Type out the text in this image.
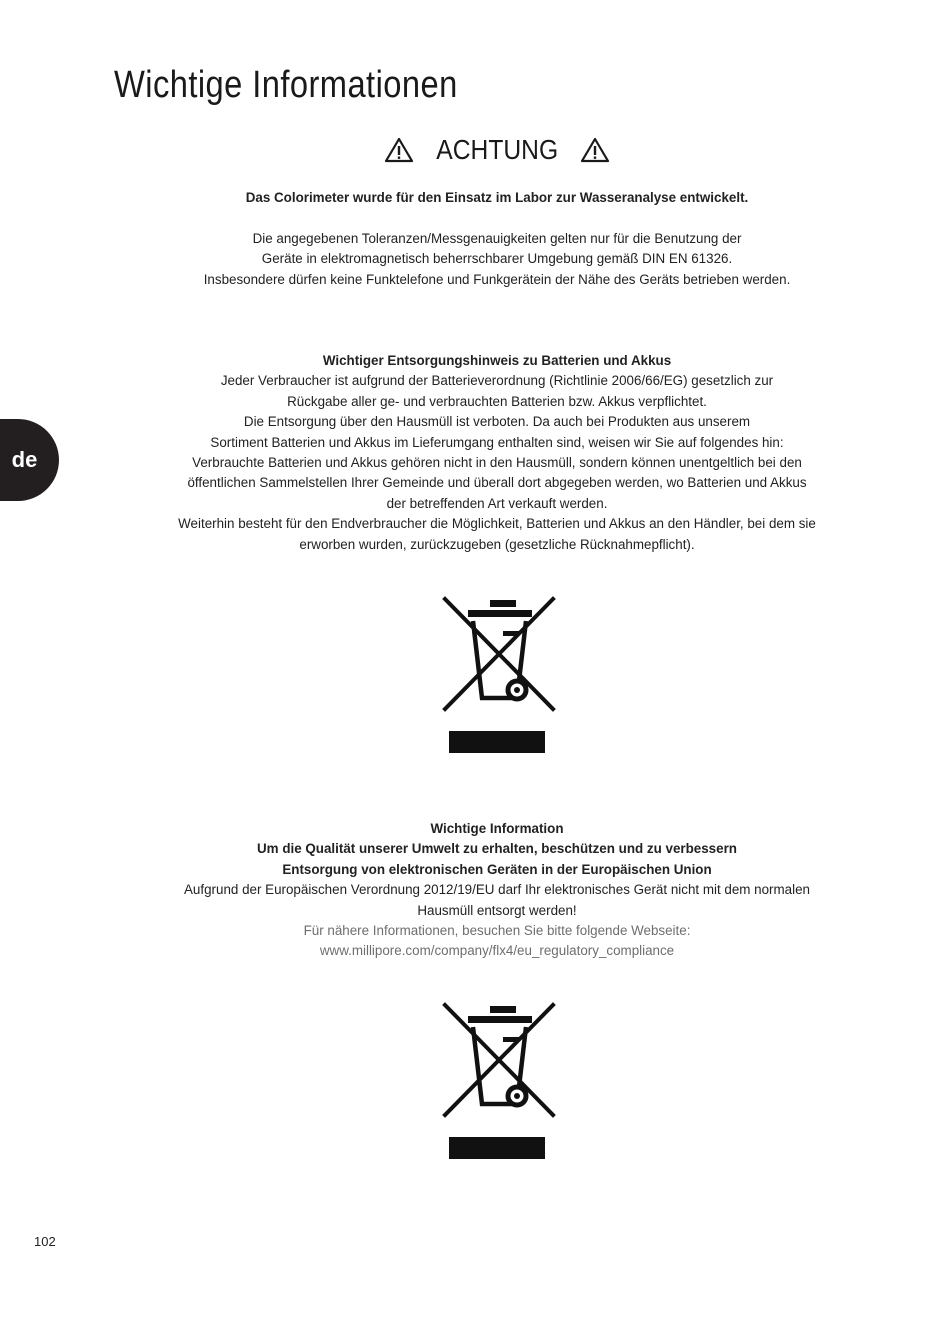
Wichtige Informationen
ACHTUNG

Das Colorimeter wurde für den Einsatz im Labor zur Wasseranalyse entwickelt.

Die angegebenen Toleranzen/Messgenauigkeiten gelten nur für die Benutzung der

Geräte in elektromagnetisch beherrschbarer Umgebung gemäß DIN EN 61326.

Insbesondere dürfen keine Funktelefone und Funkgerätein der Nähe des Geräts betrieben werden.

de

Wichtiger Entsorgungshinweis zu Batterien und Akkus

Jeder Verbraucher ist aufgrund der Batterieverordnung (Richtlinie 2006/66/EG) gesetzlich zur

Rückgabe aller ge- und verbrauchten Batterien bzw. Akkus verpflichtet.

Die Entsorgung über den Hausmüll ist verboten. Da auch bei Produkten aus unserem

Sortiment Batterien und Akkus im Lieferumgang enthalten sind, weisen wir Sie auf folgendes hin:

Verbrauchte Batterien und Akkus gehören nicht in den Hausmüll, sondern können unentgeltlich bei den

öffentlichen Sammelstellen Ihrer Gemeinde und überall dort abgegeben werden, wo Batterien und Akkus

der betreffenden Art verkauft werden.

Weiterhin besteht für den Endverbraucher die Möglichkeit, Batterien und Akkus an den Händler, bei dem sie

erworben wurden, zurückzugeben (gesetzliche Rücknahmepflicht).

Wichtige Information

Um die Qualität unserer Umwelt zu erhalten, beschützen und zu verbessern

Entsorgung von elektronischen Geräten in der Europäischen Union

Aufgrund der Europäischen Verordnung 2012/19/EU darf Ihr elektronisches Gerät nicht mit dem normalen

Hausmüll entsorgt werden!

Für nähere Informationen, besuchen Sie bitte folgende Webseite:

www.millipore.com/company/flx4/eu_regulatory_compliance

102
